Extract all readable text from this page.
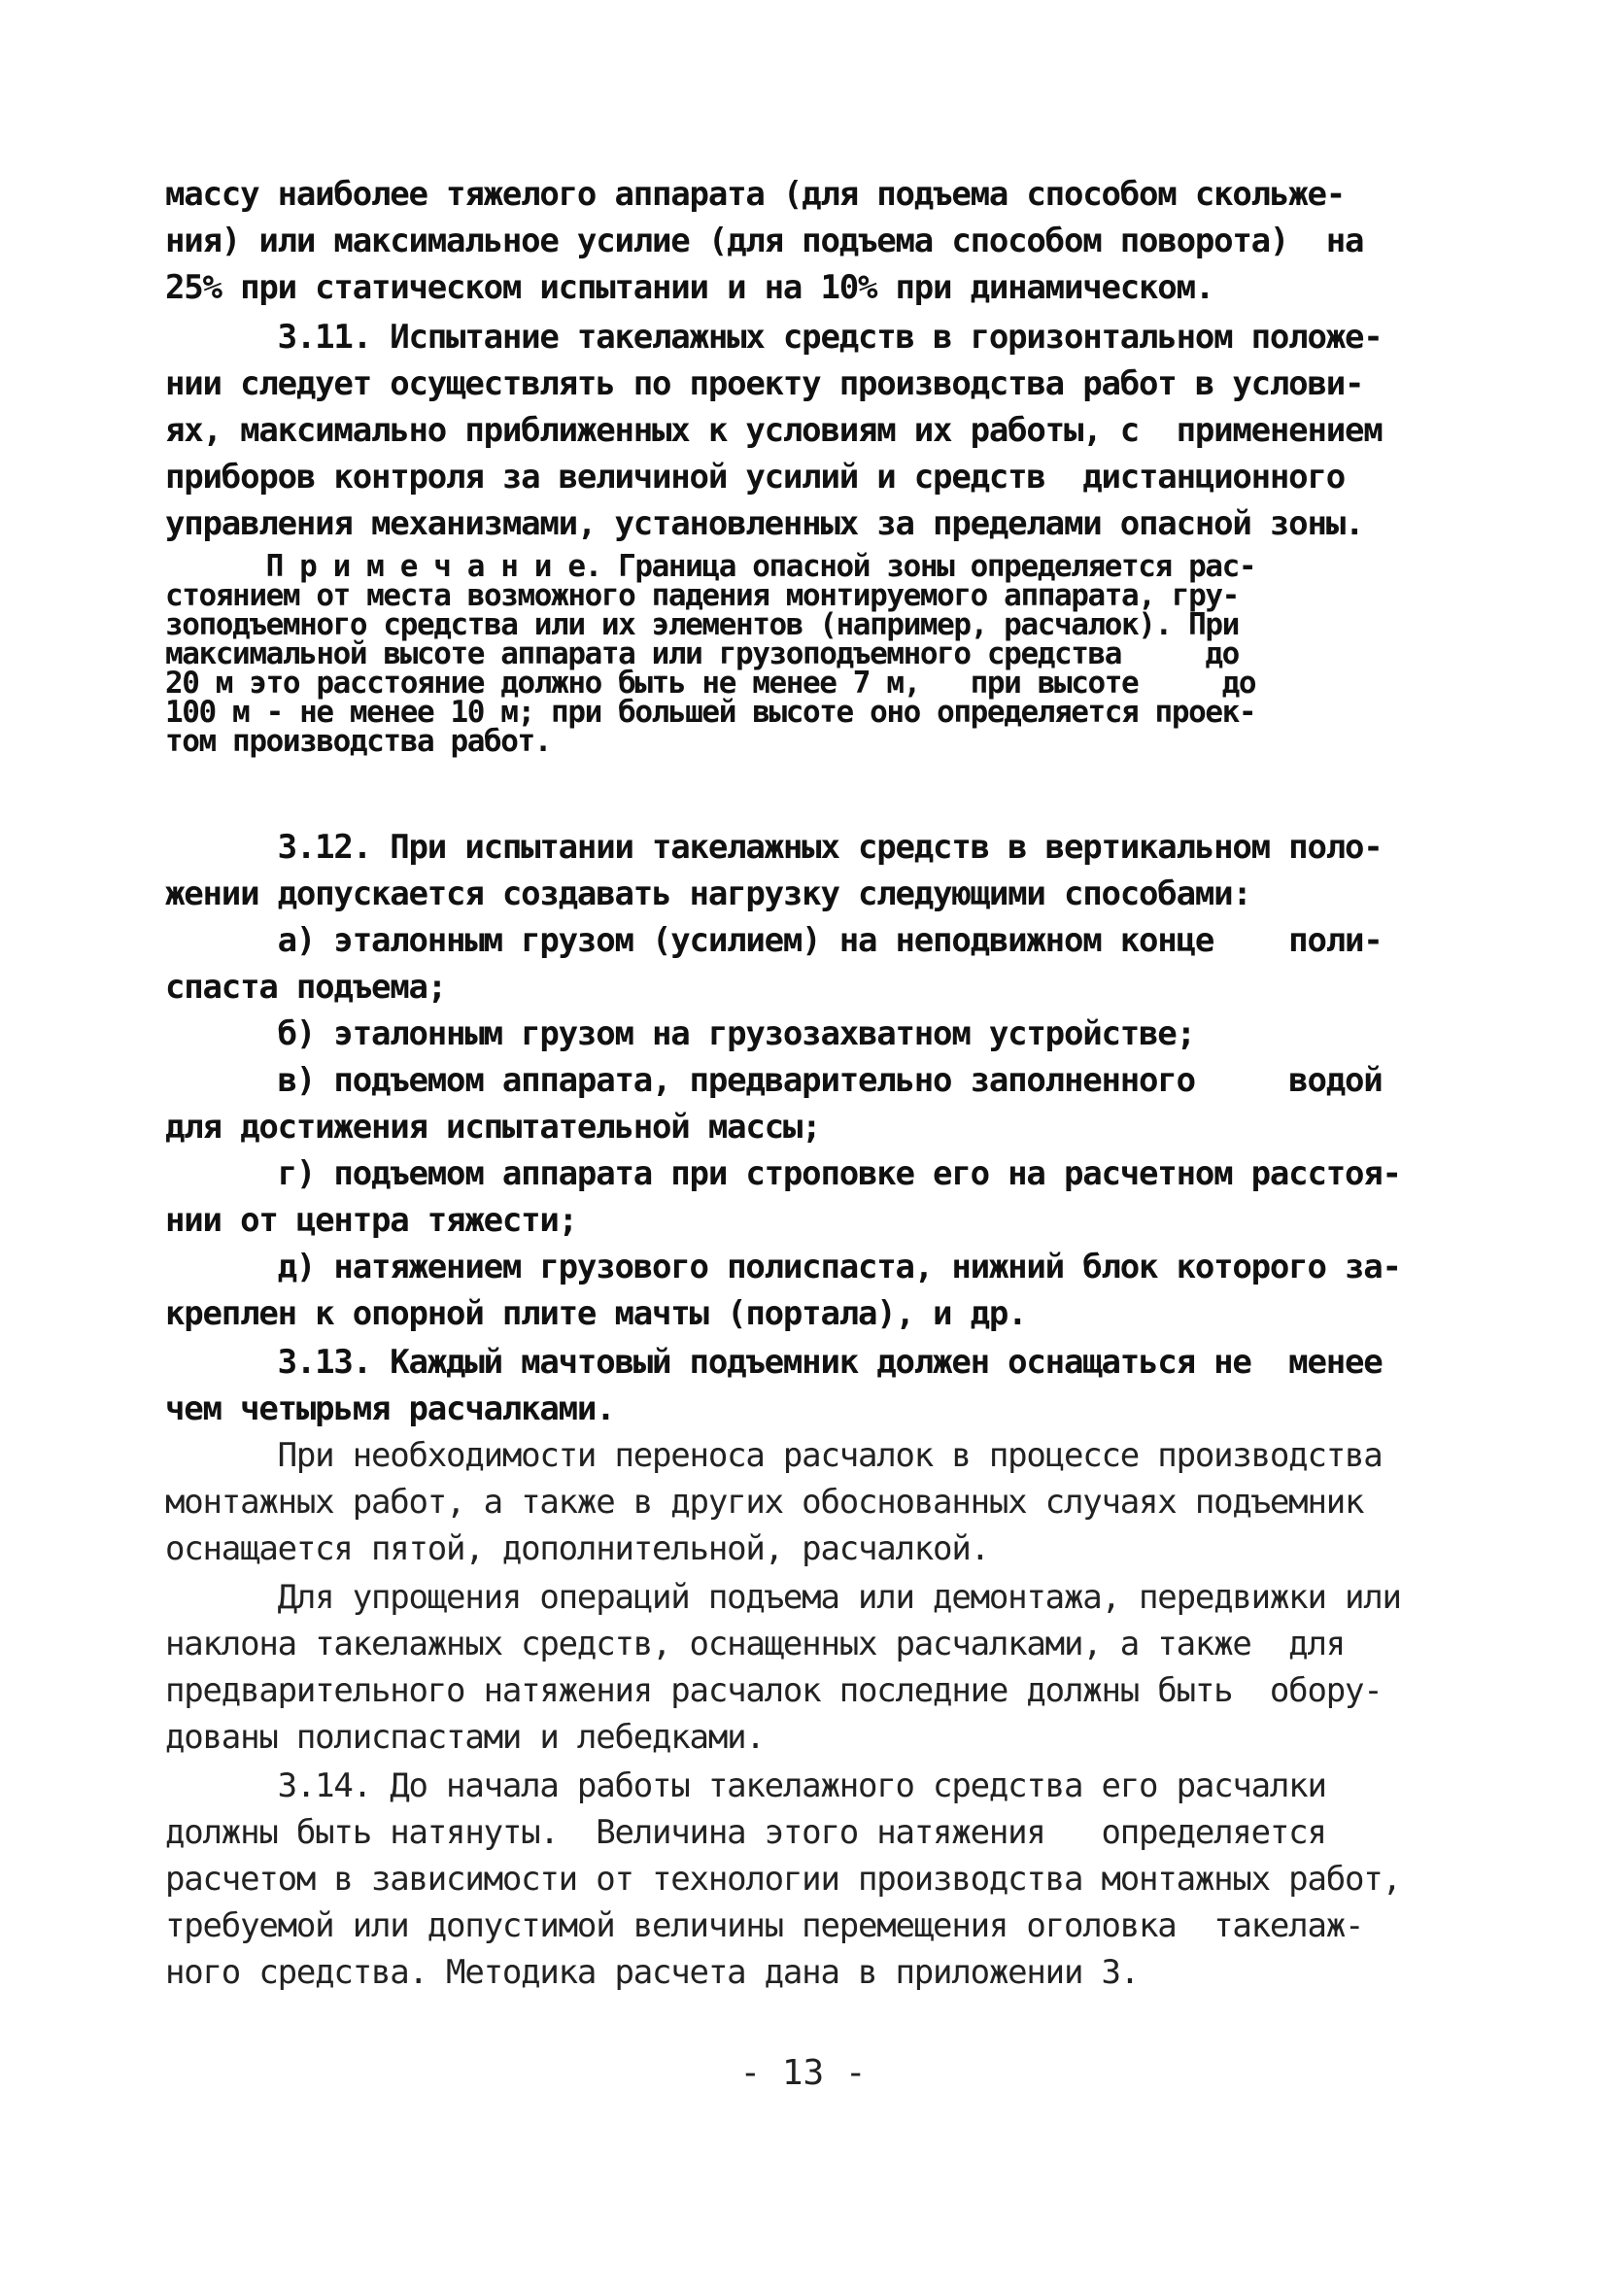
массу наиболее тяжелого аппарата (для подъема способом скольже-
ния) или максимальное усилие (для подъема способом поворота)  на
25% при статическом испытании и на 10% при динамическом.
3.11. Испытание такелажных средств в горизонтальном положе-
нии следует осуществлять по проекту производства работ в услови-
ях, максимально приближенных к условиям их работы, с  применением
приборов контроля за величиной усилий и средств  дистанционного
управления механизмами, установленных за пределами опасной зоны.
П р и м е ч а н и е. Граница опасной зоны определяется рас-
стоянием от места возможного падения монтируемого аппарата, гру-
зоподъемного средства или их элементов (например, расчалок). При
максимальной высоте аппарата или грузоподъемного средства     до
20 м это расстояние должно быть не менее 7 м,   при высоте     до
100 м - не менее 10 м; при большей высоте оно определяется проек-
том производства работ.
3.12. При испытании такелажных средств в вертикальном поло-
жении допускается создавать нагрузку следующими способами:
а) эталонным грузом (усилием) на неподвижном конце    поли-
спаста подъема;
б) эталонным грузом на грузозахватном устройстве;
в) подъемом аппарата, предварительно заполненного     водой
для достижения испытательной массы;
г) подъемом аппарата при строповке его на расчетном расстоя-
нии от центра тяжести;
д) натяжением грузового полиспаста, нижний блок которого за-
креплен к опорной плите мачты (портала), и др.
3.13. Каждый мачтовый подъемник должен оснащаться не  менее
чем четырьмя расчалками.
При необходимости переноса расчалок в процессе производства
монтажных работ, а также в других обоснованных случаях подъемник
оснащается пятой, дополнительной, расчалкой.
Для упрощения операций подъема или демонтажа, передвижки или
наклона такелажных средств, оснащенных расчалками, а также  для
предварительного натяжения расчалок последние должны быть  обору-
дованы полиспастами и лебедками.
3.14. До начала работы такелажного средства его расчалки
должны быть натянуты.  Величина этого натяжения   определяется
расчетом в зависимости от технологии производства монтажных работ,
требуемой или допустимой величины перемещения оголовка  такелаж-
ного средства. Методика расчета дана в приложении 3.
- 13 -
